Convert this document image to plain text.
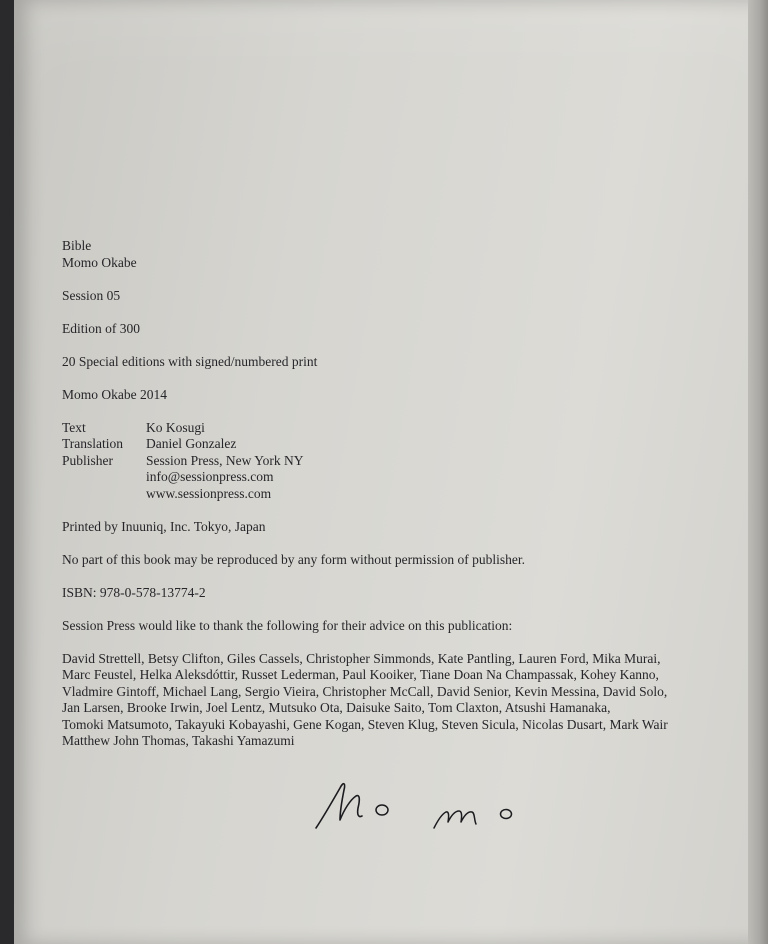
Bible
Momo Okabe
Session 05
Edition of 300
20 Special editions with signed/numbered print
Momo Okabe 2014
Text	Ko Kosugi
Translation	Daniel Gonzalez
Publisher	Session Press, New York NY
info@sessionpress.com
www.sessionpress.com
Printed by Inuuniq, Inc. Tokyo, Japan
No part of this book may be reproduced by any form without permission of publisher.
ISBN: 978-0-578-13774-2
Session Press would like to thank the following for their advice on this publication:
David Strettell, Betsy Clifton, Giles Cassels, Christopher Simmonds, Kate Pantling, Lauren Ford, Mika Murai,
Marc Feustel, Helka Aleksdóttir, Russet Lederman, Paul Kooiker, Tiane Doan Na Champassak, Kohey Kanno,
Vladmire Gintoff, Michael Lang, Sergio Vieira, Christopher McCall, David Senior, Kevin Messina, David Solo,
Jan Larsen, Brooke Irwin, Joel Lentz, Mutsuko Ota, Daisuke Saito, Tom Claxton, Atsushi Hamanaka,
Tomoki Matsumoto, Takayuki Kobayashi, Gene Kogan, Steven Klug, Steven Sicula, Nicolas Dusart, Mark Wair
Matthew John Thomas, Takashi Yamazumi
